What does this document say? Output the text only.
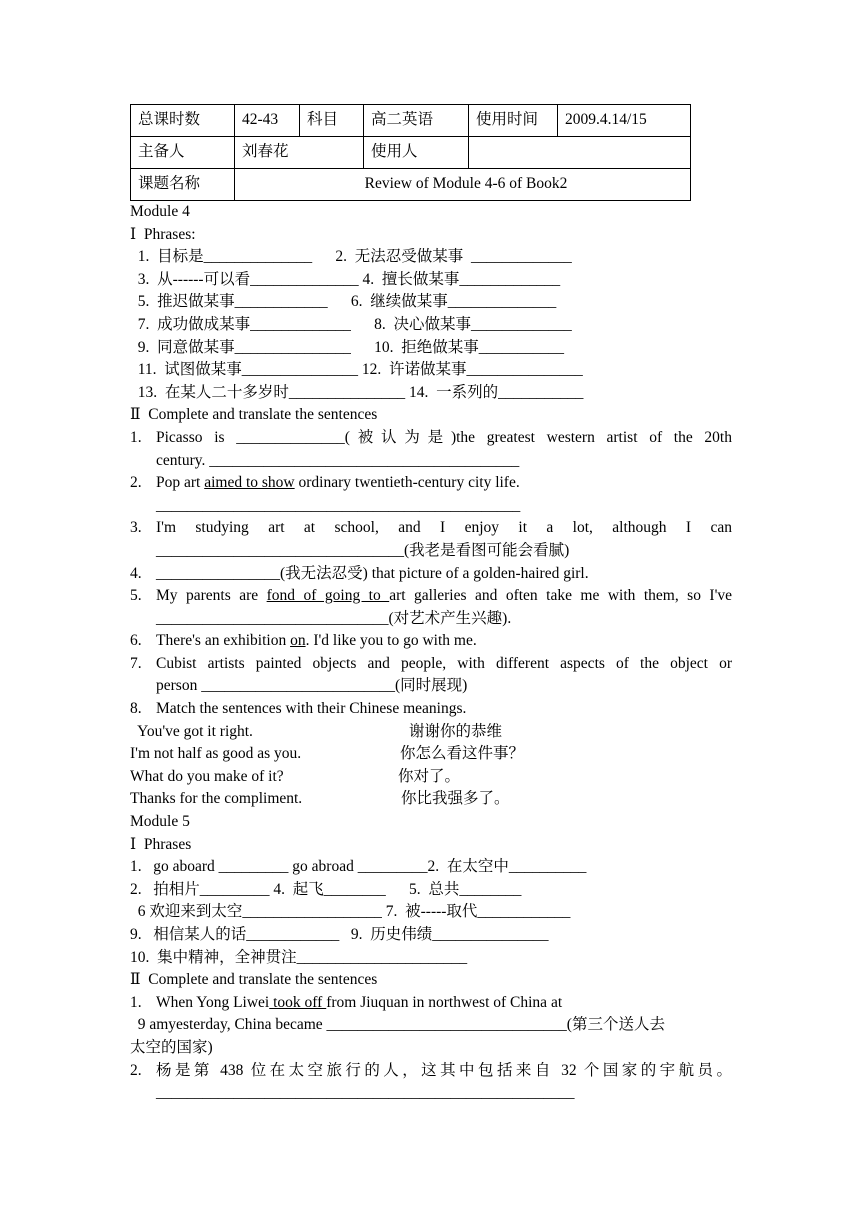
总课时数	42-43	科目	高二英语	使用时间	2009.4.14/15
主备人	刘春花		使用人		
课题名称	Review of Module 4-6 of Book2				
Module 4
Ⅰ  Phrases:
1.  目标是______________      2.  无法忍受做某事  _____________
3.  从------可以看______________ 4.  擅长做某事_____________
5.  推迟做某事____________      6.  继续做某事______________
7.  成功做成某事_____________      8.  决心做某事_____________
9.  同意做某事_______________      10.  拒绝做某事___________
11.  试图做某事_______________ 12.  许诺做某事_______________
13.  在某人二十多岁时_______________ 14.  一系列的___________
Ⅱ  Complete and translate the sentences
1. Picasso is ______________(被认为是)the greatest western artist of the 20th
century. ________________________________________
2. Pop art aimed to show ordinary twentieth-century city life.
_______________________________________________
3. I'm studying art at school, and I enjoy it a lot, although I can
________________________________(我老是看图可能会看腻)
4. ________________(我无法忍受) that picture of a golden-haired girl.
5. My parents are fond of going to art galleries and often take me with them, so I've
______________________________(对艺术产生兴趣).
6. There's an exhibition on. I'd like you to go with me.
7. Cubist artists painted objects and people, with different aspects of the object or
person _________________________(同时展现)
8. Match the sentences with their Chinese meanings.
You've got it right.	谢谢你的恭维
I'm not half as good as you.	你怎么看这件事？
What do you make of it?	你对了。
Thanks for the compliment.	你比我强多了。
Module 5
Ⅰ  Phrases
1.   go aboard _________ go abroad _________2.  在太空中__________
2.   拍相片_________ 4.  起飞________      5.  总共________
6 欢迎来到太空__________________ 7.  被-----取代____________
9.   相信某人的话____________   9.  历史伟绩_______________
10.  集中精神，全神贯注______________________
Ⅱ  Complete and translate the sentences
1. When Yong Liwei took off from Jiuquan in northwest of China at
9 amyesterday, China became _______________________________(第三个送人去
太空的国家)
2. 杨是第 438 位在太空旅行的人，这其中包括来自 32 个国家的宇航员。
______________________________________________________
